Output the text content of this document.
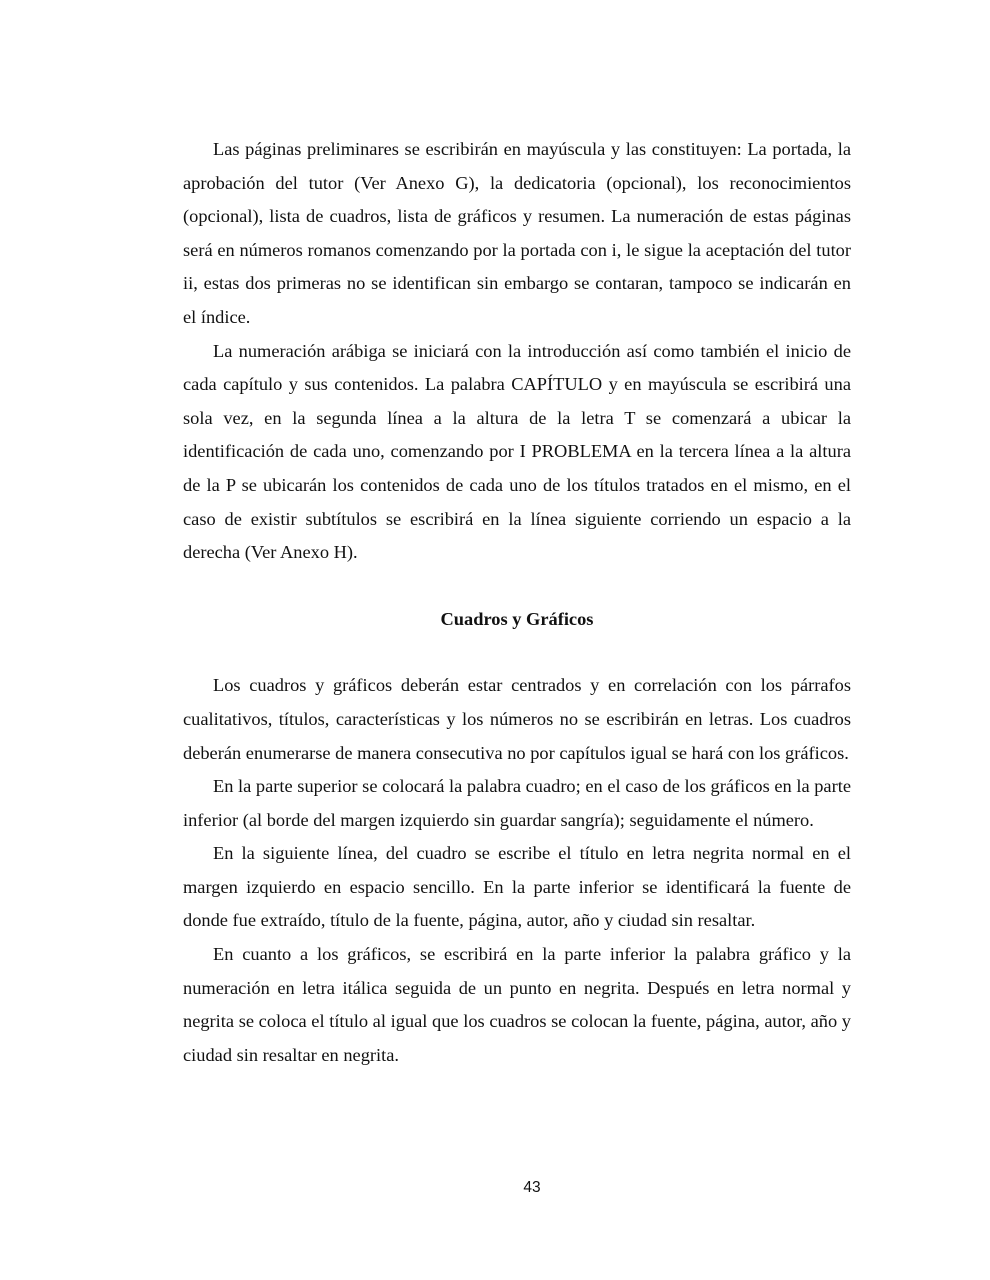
Las páginas preliminares se escribirán en mayúscula y las constituyen: La portada, la aprobación del tutor (Ver Anexo G), la dedicatoria (opcional), los reconocimientos (opcional), lista de cuadros, lista de gráficos y resumen. La numeración de estas páginas será en números romanos comenzando por la portada con i, le sigue la aceptación del tutor ii, estas dos primeras no se identifican sin embargo se contaran, tampoco se indicarán en el índice.

La numeración arábiga se iniciará con la introducción así como también el inicio de cada capítulo y sus contenidos. La palabra CAPÍTULO y en mayúscula se escribirá una sola vez, en la segunda línea a la altura de la letra T se comenzará a ubicar la identificación de cada uno, comenzando por I PROBLEMA en la tercera línea a la altura de la P se ubicarán los contenidos de cada uno de los títulos tratados en el mismo, en el caso de existir subtítulos se escribirá en la línea siguiente corriendo un espacio a la derecha (Ver Anexo H).

Cuadros y Gráficos

Los cuadros y gráficos deberán estar centrados y en correlación con los párrafos cualitativos, títulos, características y los números no se escribirán en letras. Los cuadros deberán enumerarse de manera consecutiva no por capítulos igual se hará con los gráficos.

En la parte superior se colocará la palabra cuadro; en el caso de los gráficos en la parte inferior (al borde del margen izquierdo sin guardar sangría); seguidamente el número.

En la siguiente línea, del cuadro se escribe el título en letra negrita normal en el margen izquierdo en espacio sencillo. En la parte inferior se identificará la fuente de donde fue extraído, título de la fuente, página, autor, año y ciudad sin resaltar.

En cuanto a los gráficos, se escribirá en la parte inferior la palabra gráfico y la numeración en letra itálica seguida de un punto en negrita. Después en letra normal y negrita se coloca el título al igual que los cuadros se colocan la fuente, página, autor, año y ciudad sin resaltar en negrita.

43
